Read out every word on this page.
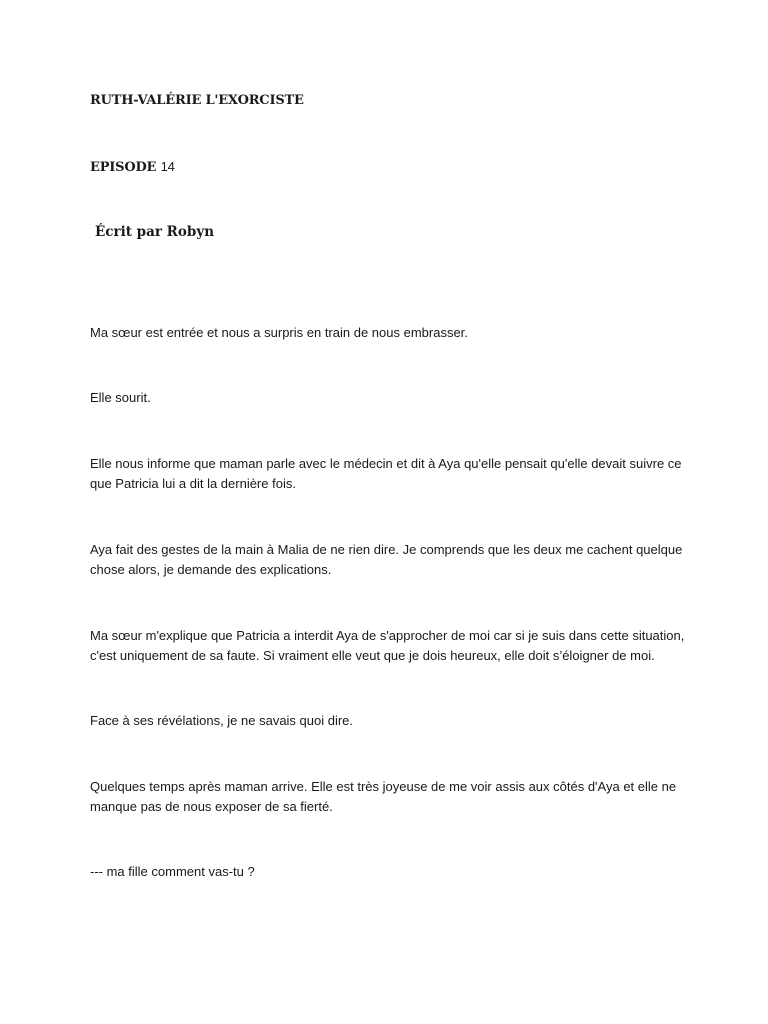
RUTH-VALÉRIE L'EXORCISTE

EPISODE 14

Écrit par Robyn

Ma sœur est entrée et nous a surpris en train de nous embrasser.
Elle sourit.
Elle nous informe que maman parle avec le médecin et dit à Aya qu'elle pensait qu'elle devait suivre ce
que Patricia lui a dit la dernière fois.
Aya fait des gestes de la main à Malia de ne rien dire. Je comprends que les deux me cachent quelque
chose alors, je demande des explications.
Ma sœur m'explique que Patricia a interdit Aya de s'approcher de moi car si je suis dans cette situation,
c'est uniquement de sa faute. Si vraiment elle veut que je dois heureux, elle doit s’éloigner de moi.
Face à ses révélations, je ne savais quoi dire.
Quelques temps après maman arrive. Elle est très joyeuse de me voir assis aux côtés d'Aya et elle ne
manque pas de nous exposer de sa fierté.
--- ma fille comment vas-tu ?
